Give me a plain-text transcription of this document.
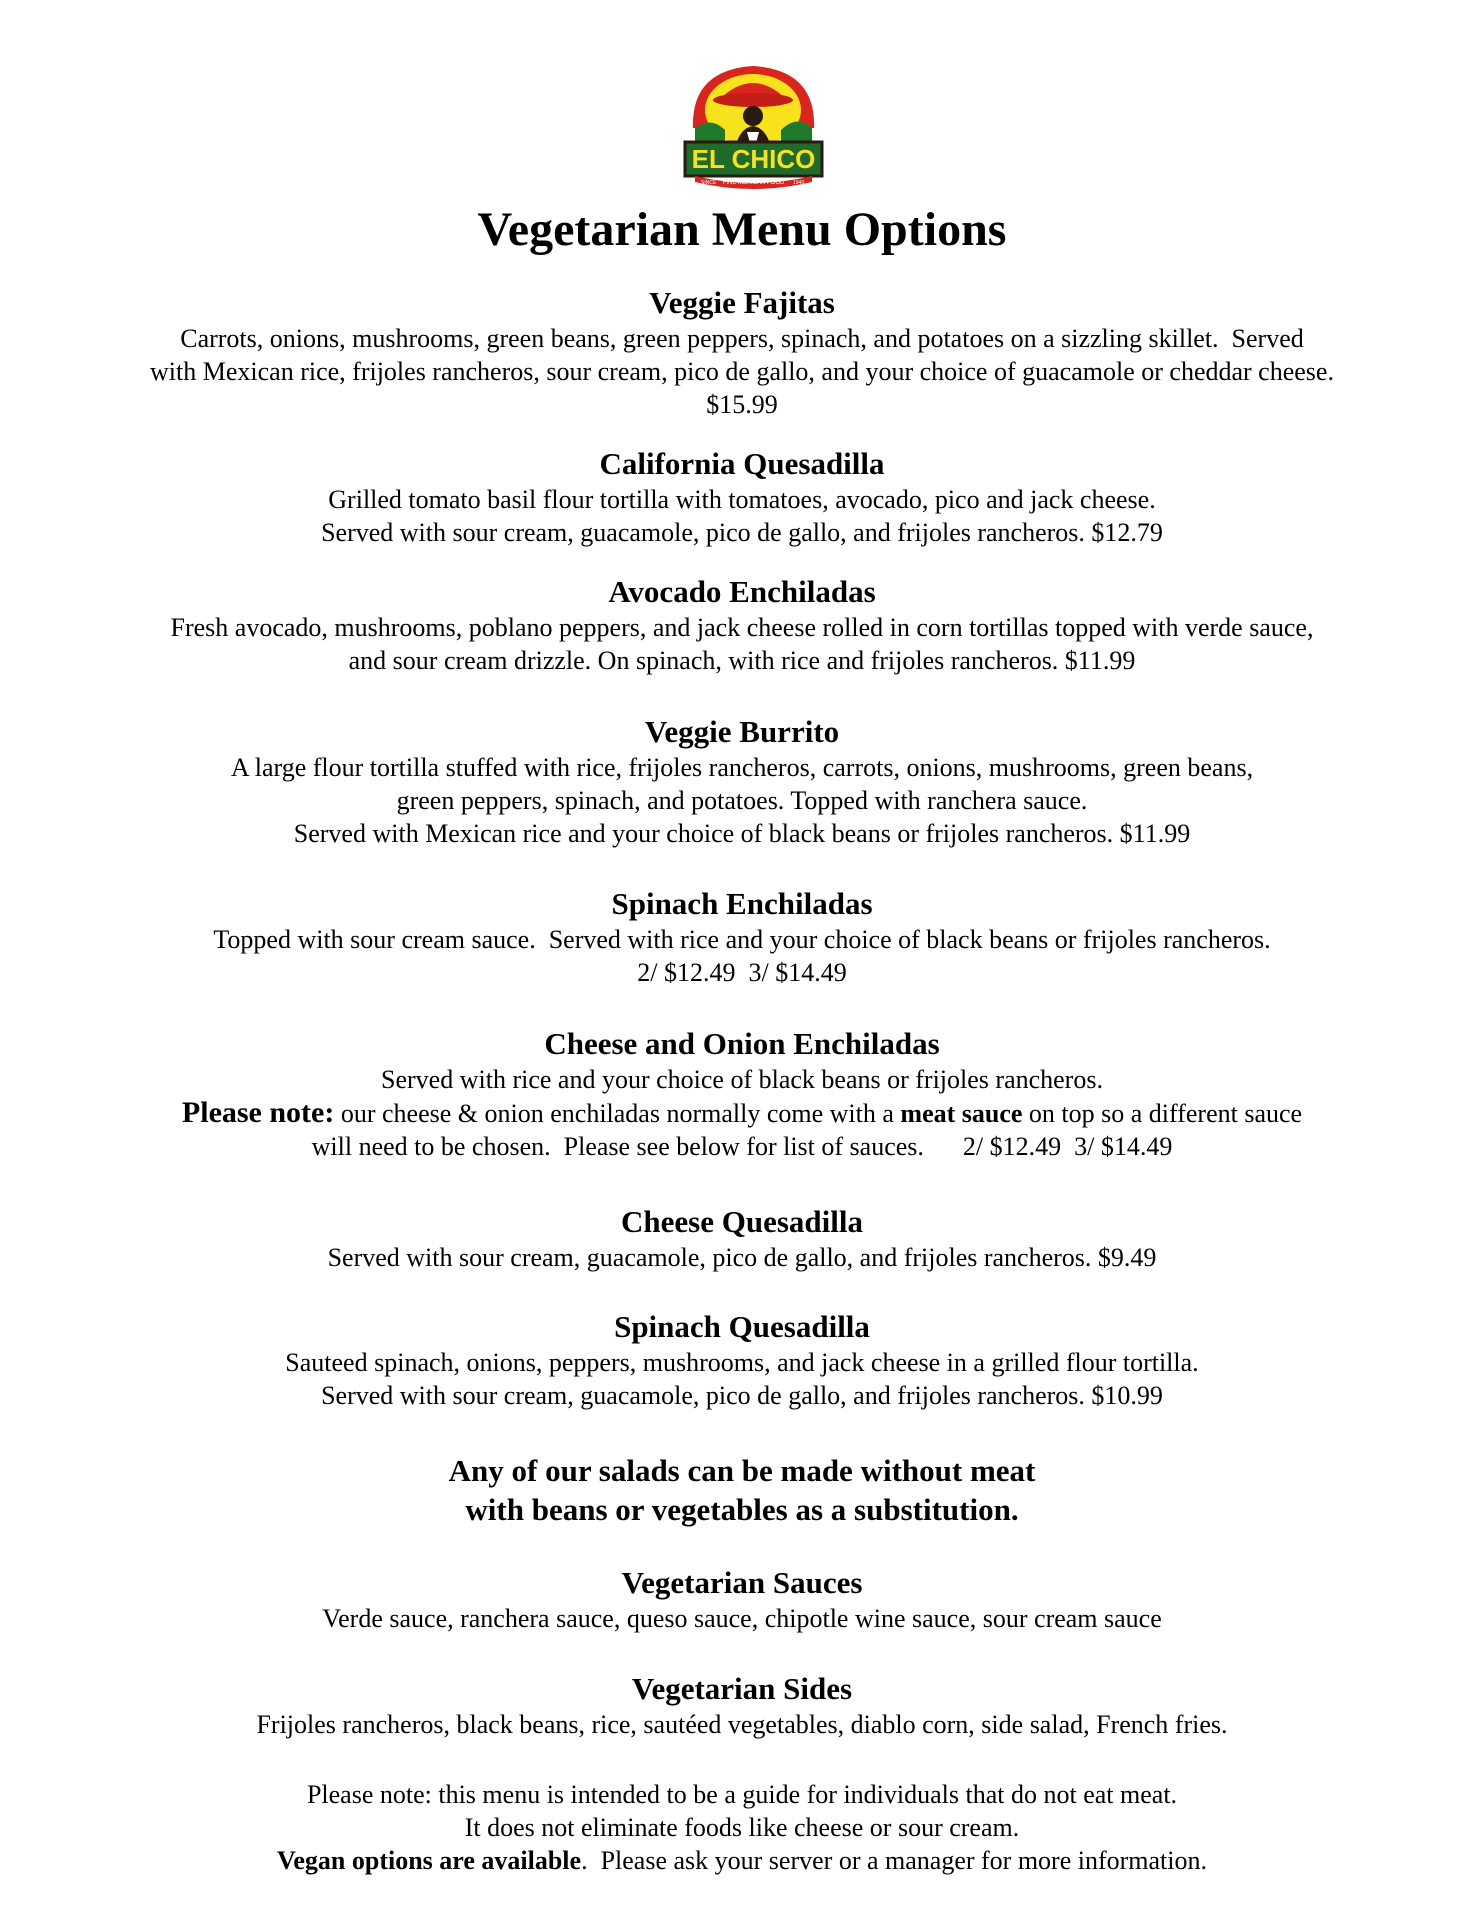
EL CHICO
FINE MEXICAN FOOD
SINCE	1940
Vegetarian Menu Options
Veggie Fajitas
Carrots, onions, mushrooms, green beans, green peppers, spinach, and potatoes on a sizzling skillet.  Served
with Mexican rice, frijoles rancheros, sour cream, pico de gallo, and your choice of guacamole or cheddar cheese.
$15.99
California Quesadilla
Grilled tomato basil flour tortilla with tomatoes, avocado, pico and jack cheese.
Served with sour cream, guacamole, pico de gallo, and frijoles rancheros. $12.79
Avocado Enchiladas
Fresh avocado, mushrooms, poblano peppers, and jack cheese rolled in corn tortillas topped with verde sauce,
and sour cream drizzle. On spinach, with rice and frijoles rancheros. $11.99
Veggie Burrito
A large flour tortilla stuffed with rice, frijoles rancheros, carrots, onions, mushrooms, green beans,
green peppers, spinach, and potatoes. Topped with ranchera sauce.
Served with Mexican rice and your choice of black beans or frijoles rancheros. $11.99
Spinach Enchiladas
Topped with sour cream sauce.  Served with rice and your choice of black beans or frijoles rancheros.
2/ $12.49  3/ $14.49
Cheese and Onion Enchiladas
Served with rice and your choice of black beans or frijoles rancheros.
Please note: our cheese & onion enchiladas normally come with a meat sauce on top so a different sauce
will need to be chosen.  Please see below for list of sauces.      2/ $12.49  3/ $14.49
Cheese Quesadilla
Served with sour cream, guacamole, pico de gallo, and frijoles rancheros. $9.49
Spinach Quesadilla
Sauteed spinach, onions, peppers, mushrooms, and jack cheese in a grilled flour tortilla.
Served with sour cream, guacamole, pico de gallo, and frijoles rancheros. $10.99
Any of our salads can be made without meat
with beans or vegetables as a substitution.
Vegetarian Sauces
Verde sauce, ranchera sauce, queso sauce, chipotle wine sauce, sour cream sauce
Vegetarian Sides
Frijoles rancheros, black beans, rice, sautéed vegetables, diablo corn, side salad, French fries.
Please note: this menu is intended to be a guide for individuals that do not eat meat.
It does not eliminate foods like cheese or sour cream.
Vegan options are available.  Please ask your server or a manager for more information.
